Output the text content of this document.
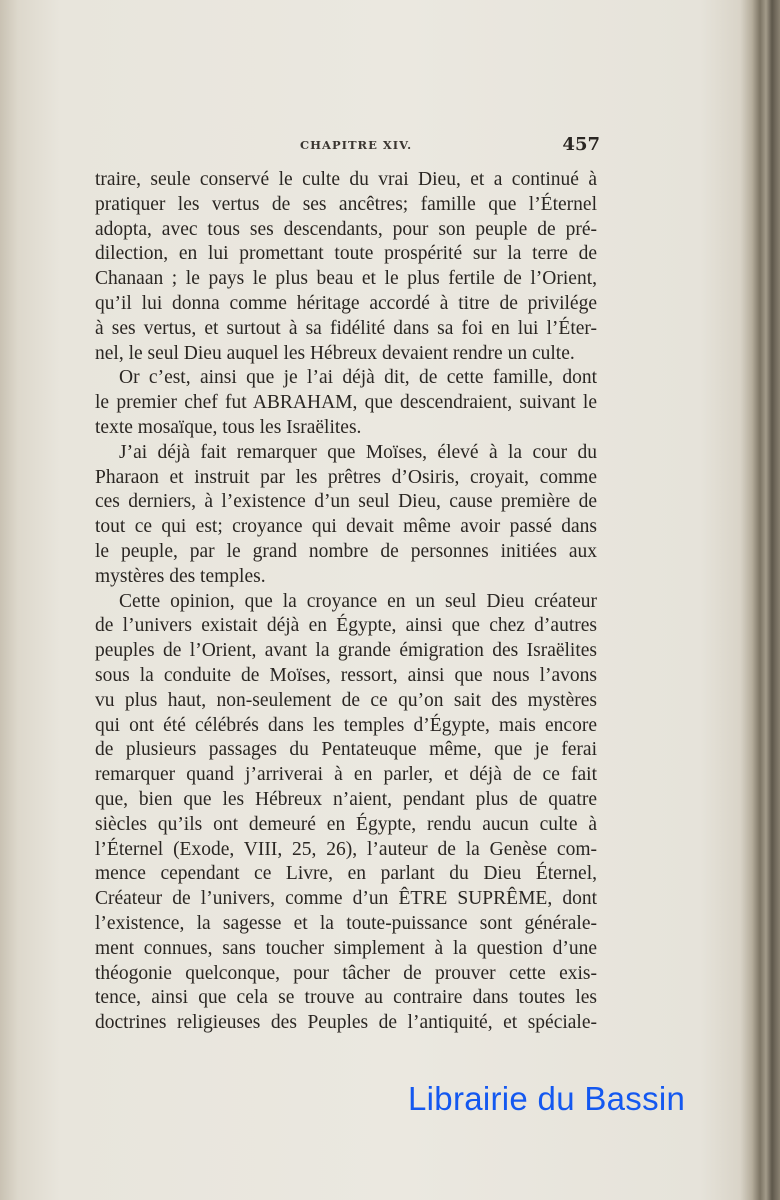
CHAPITRE XIV.	457
traire, seule conservé le culte du vrai Dieu, et a continué à
pratiquer les vertus de ses ancêtres; famille que l’Éternel
adopta, avec tous ses descendants, pour son peuple de pré-
dilection, en lui promettant toute prospérité sur la terre de
Chanaan ; le pays le plus beau et le plus fertile de l’Orient,
qu’il lui donna comme héritage accordé à titre de privilége
à ses vertus, et surtout à sa fidélité dans sa foi en lui l’Éter-
nel, le seul Dieu auquel les Hébreux devaient rendre un culte.
Or c’est, ainsi que je l’ai déjà dit, de cette famille, dont
le premier chef fut ABRAHAM, que descendraient, suivant le
texte mosaïque, tous les Israëlites.
J’ai déjà fait remarquer que Moïses, élevé à la cour du
Pharaon et instruit par les prêtres d’Osiris, croyait, comme
ces derniers, à l’existence d’un seul Dieu, cause première de
tout ce qui est; croyance qui devait même avoir passé dans
le peuple, par le grand nombre de personnes initiées aux
mystères des temples.
Cette opinion, que la croyance en un seul Dieu créateur
de l’univers existait déjà en Égypte, ainsi que chez d’autres
peuples de l’Orient, avant la grande émigration des Israëlites
sous la conduite de Moïses, ressort, ainsi que nous l’avons
vu plus haut, non-seulement de ce qu’on sait des mystères
qui ont été célébrés dans les temples d’Égypte, mais encore
de plusieurs passages du Pentateuque même, que je ferai
remarquer quand j’arriverai à en parler, et déjà de ce fait
que, bien que les Hébreux n’aient, pendant plus de quatre
siècles qu’ils ont demeuré en Égypte, rendu aucun culte à
l’Éternel (Exode, VIII, 25, 26), l’auteur de la Genèse com-
mence cependant ce Livre, en parlant du Dieu Éternel,
Créateur de l’univers, comme d’un ÊTRE SUPRÊME, dont
l’existence, la sagesse et la toute-puissance sont générale-
ment connues, sans toucher simplement à la question d’une
théogonie quelconque, pour tâcher de prouver cette exis-
tence, ainsi que cela se trouve au contraire dans toutes les
doctrines religieuses des Peuples de l’antiquité, et spéciale-
Librairie du Bassin
